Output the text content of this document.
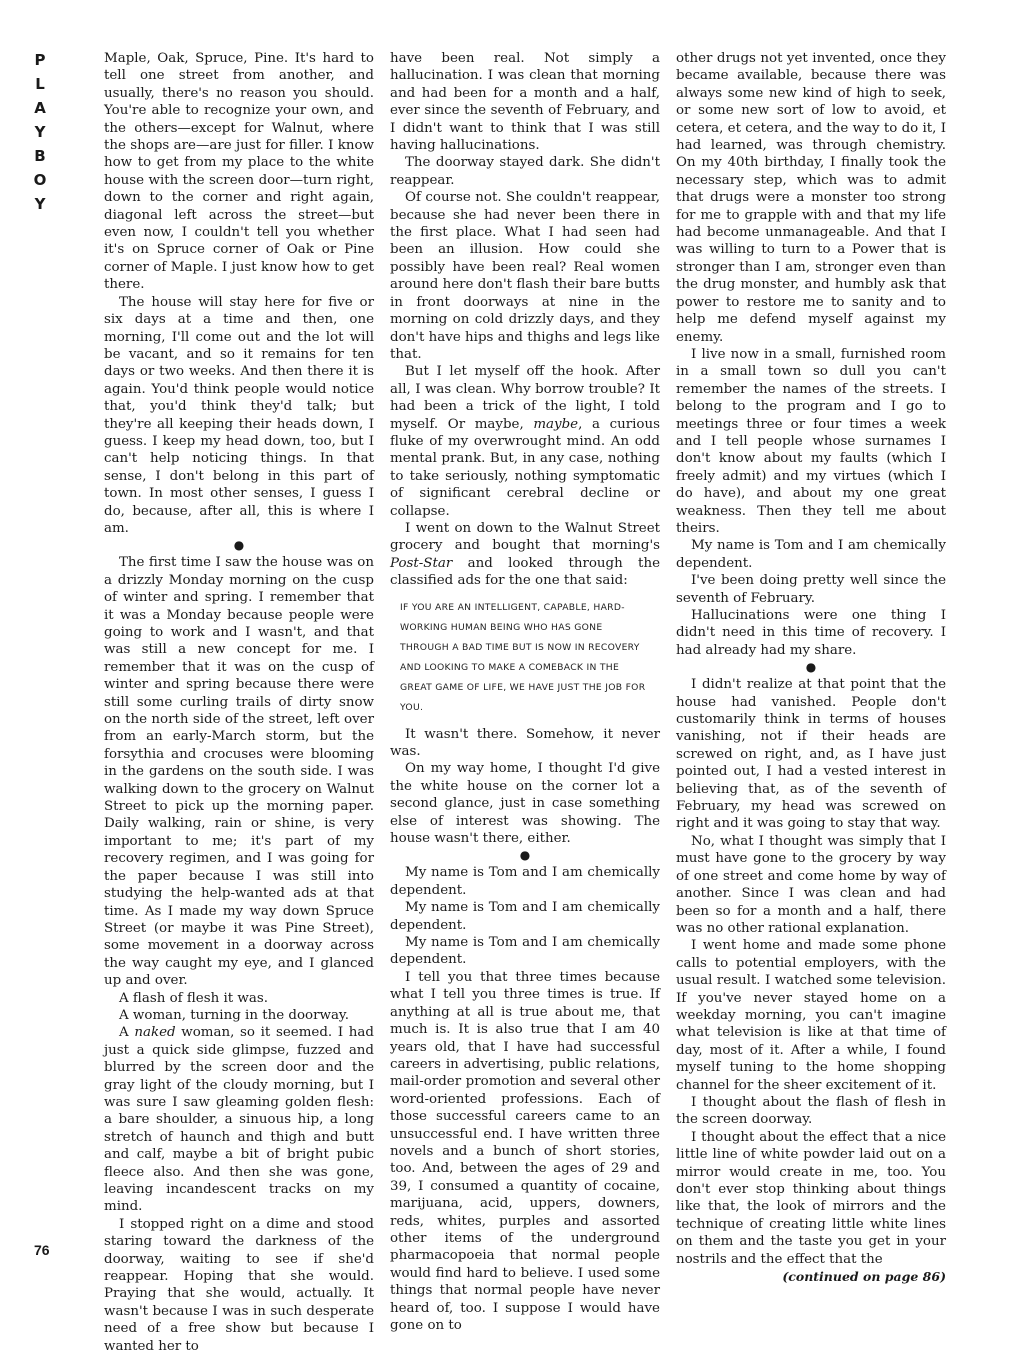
P
L
A
Y
B
O
Y
76

Maple, Oak, Spruce, Pine. It's hard to tell one street from another, and usually, there's no reason you should. You're able to recognize your own, and the others—except for Walnut, where the shops are—are just for filler. I know how to get from my place to the white house with the screen door—turn right, down to the corner and right again, diagonal left across the street—but even now, I couldn't tell you whether it's on Spruce corner of Oak or Pine corner of Maple. I just know how to get there.

The house will stay here for five or six days at a time and then, one morning, I'll come out and the lot will be vacant, and so it remains for ten days or two weeks. And then there it is again. You'd think people would notice that, you'd think they'd talk; but they're all keeping their heads down, I guess. I keep my head down, too, but I can't help noticing things. In that sense, I don't belong in this part of town. In most other senses, I guess I do, because, after all, this is where I am.

●

The first time I saw the house was on a drizzly Monday morning on the cusp of winter and spring. I remember that it was a Monday because people were going to work and I wasn't, and that was still a new concept for me. I remember that it was on the cusp of winter and spring because there were still some curling trails of dirty snow on the north side of the street, left over from an early-March storm, but the forsythia and crocuses were blooming in the gardens on the south side. I was walking down to the grocery on Walnut Street to pick up the morning paper. Daily walking, rain or shine, is very important to me; it's part of my recovery regimen, and I was going for the paper because I was still into studying the help-wanted ads at that time. As I made my way down Spruce Street (or maybe it was Pine Street), some movement in a doorway across the way caught my eye, and I glanced up and over.

A flash of flesh it was.

A woman, turning in the doorway.

A naked woman, so it seemed. I had just a quick side glimpse, fuzzed and blurred by the screen door and the gray light of the cloudy morning, but I was sure I saw gleaming golden flesh: a bare shoulder, a sinuous hip, a long stretch of haunch and thigh and butt and calf, maybe a bit of bright pubic fleece also. And then she was gone, leaving incandescent tracks on my mind.

I stopped right on a dime and stood staring toward the darkness of the doorway, waiting to see if she'd reappear. Hoping that she would. Praying that she would, actually. It wasn't because I was in such desperate need of a free show but because I wanted her to

have been real. Not simply a hallucination. I was clean that morning and had been for a month and a half, ever since the seventh of February, and I didn't want to think that I was still having hallucinations.

The doorway stayed dark. She didn't reappear.

Of course not. She couldn't reappear, because she had never been there in the first place. What I had seen had been an illusion. How could she possibly have been real? Real women around here don't flash their bare butts in front doorways at nine in the morning on cold drizzly days, and they don't have hips and thighs and legs like that.

But I let myself off the hook. After all, I was clean. Why borrow trouble? It had been a trick of the light, I told myself. Or maybe, maybe, a curious fluke of my overwrought mind. An odd mental prank. But, in any case, nothing to take seriously, nothing symptomatic of significant cerebral decline or collapse.

I went on down to the Walnut Street grocery and bought that morning's Post-Star and looked through the classified ads for the one that said:

IF YOU ARE AN INTELLIGENT, CAPABLE, HARD-WORKING HUMAN BEING WHO HAS GONE THROUGH A BAD TIME BUT IS NOW IN RECOVERY AND LOOKING TO MAKE A COMEBACK IN THE GREAT GAME OF LIFE, WE HAVE JUST THE JOB FOR YOU.

It wasn't there. Somehow, it never was.

On my way home, I thought I'd give the white house on the corner lot a second glance, just in case something else of interest was showing. The house wasn't there, either.

●

My name is Tom and I am chemically dependent.

My name is Tom and I am chemically dependent.

My name is Tom and I am chemically dependent.

I tell you that three times because what I tell you three times is true. If anything at all is true about me, that much is. It is also true that I am 40 years old, that I have had successful careers in advertising, public relations, mail-order promotion and several other word-oriented professions. Each of those successful careers came to an unsuccessful end. I have written three novels and a bunch of short stories, too. And, between the ages of 29 and 39, I consumed a quantity of cocaine, marijuana, acid, uppers, downers, reds, whites, purples and assorted other items of the underground pharmacopoeia that normal people would find hard to believe. I used some things that normal people have never heard of, too. I suppose I would have gone on to

other drugs not yet invented, once they became available, because there was always some new kind of high to seek, or some new sort of low to avoid, et cetera, et cetera, and the way to do it, I had learned, was through chemistry. On my 40th birthday, I finally took the necessary step, which was to admit that drugs were a monster too strong for me to grapple with and that my life had become unmanageable. And that I was willing to turn to a Power that is stronger than I am, stronger even than the drug monster, and humbly ask that power to restore me to sanity and to help me defend myself against my enemy.

I live now in a small, furnished room in a small town so dull you can't remember the names of the streets. I belong to the program and I go to meetings three or four times a week and I tell people whose surnames I don't know about my faults (which I freely admit) and my virtues (which I do have), and about my one great weakness. Then they tell me about theirs.

My name is Tom and I am chemically dependent.

I've been doing pretty well since the seventh of February.

Hallucinations were one thing I didn't need in this time of recovery. I had already had my share.

●

I didn't realize at that point that the house had vanished. People don't customarily think in terms of houses vanishing, not if their heads are screwed on right, and, as I have just pointed out, I had a vested interest in believing that, as of the seventh of February, my head was screwed on right and it was going to stay that way.

No, what I thought was simply that I must have gone to the grocery by way of one street and come home by way of another. Since I was clean and had been so for a month and a half, there was no other rational explanation.

I went home and made some phone calls to potential employers, with the usual result. I watched some television. If you've never stayed home on a weekday morning, you can't imagine what television is like at that time of day, most of it. After a while, I found myself tuning to the home shopping channel for the sheer excitement of it.

I thought about the flash of flesh in the screen doorway.

I thought about the effect that a nice little line of white powder laid out on a mirror would create in me, too. You don't ever stop thinking about things like that, the look of mirrors and the technique of creating little white lines on them and the taste you get in your nostrils and the effect that the

(continued on page 86)
